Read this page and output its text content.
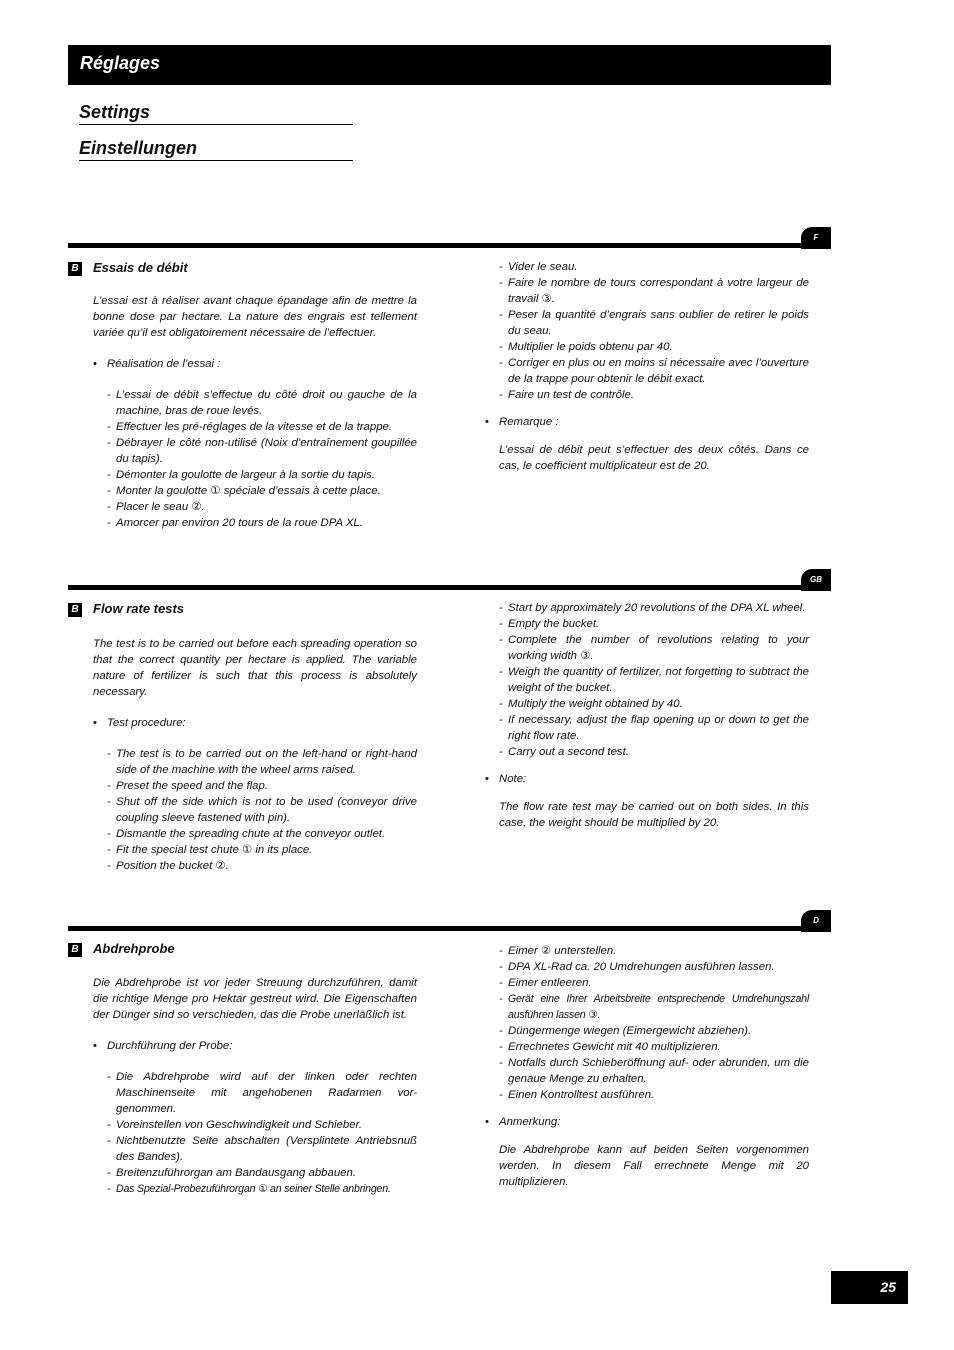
Réglages
Settings
Einstellungen
F
B Essais de débit

L’essai est à réaliser avant chaque épandage afin de mettre la bonne dose par hectare. La nature des engrais est tellement variée qu’il est obligatoirement nécessaire de l’effectuer.

• Réalisation de l’essai :
- L’essai de débit s’effectue du côté droit ou gauche de la machine, bras de roue levés.
- Effectuer les pré-réglages de la vitesse et de la trappe.
- Débrayer le côté non-utilisé (Noix d’entraînement goupillée du tapis).
- Démonter la goulotte de largeur à la sortie du tapis.
- Monter la goulotte ① spéciale d’essais à cette place.
- Placer le seau ②.
- Amorcer par environ 20 tours de la roue DPA XL.
- Vider le seau.
- Faire le nombre de tours correspondant à votre largeur de travail ③.
- Peser la quantité d’engrais sans oublier de retirer le poids du seau.
- Multiplier le poids obtenu par 40.
- Corriger en plus ou en moins si nécessaire avec l’ouverture de la trappe pour obtenir le débit exact.
- Faire un test de contrôle.
• Remarque :

L’essai de débit peut s’effectuer des deux côtés. Dans ce cas, le coefficient multiplicateur est de 20.

GB
B Flow rate tests

The test is to be carried out before each spreading operation so that the correct quantity per hectare is applied. The variable nature of fertilizer is such that this process is absolutely necessary.

• Test procedure:
- The test is to be carried out on the left-hand or right-hand side of the machine with the wheel arms raised.
- Preset the speed and the flap.
- Shut off the side which is not to be used (conveyor drive coupling sleeve fastened with pin).
- Dismantle the spreading chute at the conveyor outlet.
- Fit the special test chute ① in its place.
- Position the bucket ②.
- Start by approximately 20 revolutions of the DPA XL wheel.
- Empty the bucket.
- Complete the number of revolutions relating to your working width ③.
- Weigh the quantity of fertilizer, not forgetting to subtract the weight of the bucket.
- Multiply the weight obtained by 40.
- If necessary, adjust the flap opening up or down to get the right flow rate.
- Carry out a second test.
• Note:

The flow rate test may be carried out on both sides. In this case, the weight should be multiplied by 20.

D
B Abdrehprobe

Die Abdrehprobe ist vor jeder Streuung durchzuführen, damit die richtige Menge pro Hektar gestreut wird. Die Eigenschaften der Dünger sind so verschieden, das die Probe unerläßlich ist.

• Durchführung der Probe:
- Die Abdrehprobe wird auf der linken oder rechten Maschinenseite mit angehobenen Radarmen vor-genommen.
- Voreinstellen von Geschwindigkeit und Schieber.
- Nichtbenutzte Seite abschalten (Versplintete Antriebsnuß des Bandes).
- Breitenzuführorgan am Bandausgang abbauen.
- Das Spezial-Probezuführorgan ① an seiner Stelle anbringen.
- Eimer ② unterstellen.
- DPA XL-Rad ca. 20 Umdrehungen ausführen lassen.
- Eimer entleeren.
- Gerät eine Ihrer Arbeitsbreite entsprechende Umdrehungszahl ausführen lassen ③.
- Düngermenge wiegen (Eimergewicht abziehen).
- Errechnetes Gewicht mit 40 multiplizieren.
- Notfalls durch Schieberöffnung auf- oder abrunden, um die genaue Menge zu erhalten.
- Einen Kontrolltest ausführen.
• Anmerkung:

Die Abdrehprobe kann auf beiden Seiten vorgenommen werden. In diesem Fall errechnete Menge mit 20 multiplizieren.

25
